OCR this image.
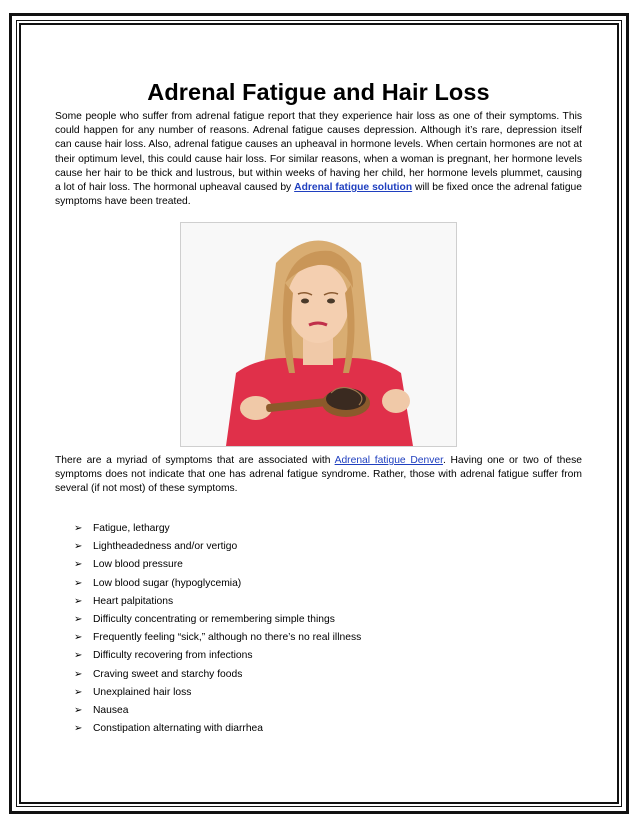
Adrenal Fatigue and Hair Loss

Some people who suffer from adrenal fatigue report that they experience hair loss as one of their symptoms. This could happen for any number of reasons. Adrenal fatigue causes depression. Although it’s rare, depression itself can cause hair loss. Also, adrenal fatigue causes an upheaval in hormone levels. When certain hormones are not at their optimum level, this could cause hair loss. For similar reasons, when a woman is pregnant, her hormone levels cause her hair to be thick and lustrous, but within weeks of having her child, her hormone levels plummet, causing a lot of hair loss. The hormonal upheaval caused by Adrenal fatigue solution will be fixed once the adrenal fatigue symptoms have been treated.

There are a myriad of symptoms that are associated with Adrenal fatigue Denver. Having one or two of these symptoms does not indicate that one has adrenal fatigue syndrome. Rather, those with adrenal fatigue suffer from several (if not most) of these symptoms.

➢	Fatigue, lethargy
➢	Lightheadedness and/or vertigo
➢	Low blood pressure
➢	Low blood sugar (hypoglycemia)
➢	Heart palpitations
➢	Difficulty concentrating or remembering simple things
➢	Frequently feeling “sick,” although no there’s no real illness
➢	Difficulty recovering from infections
➢	Craving sweet and starchy foods
➢	Unexplained hair loss
➢	Nausea
➢	Constipation alternating with diarrhea
